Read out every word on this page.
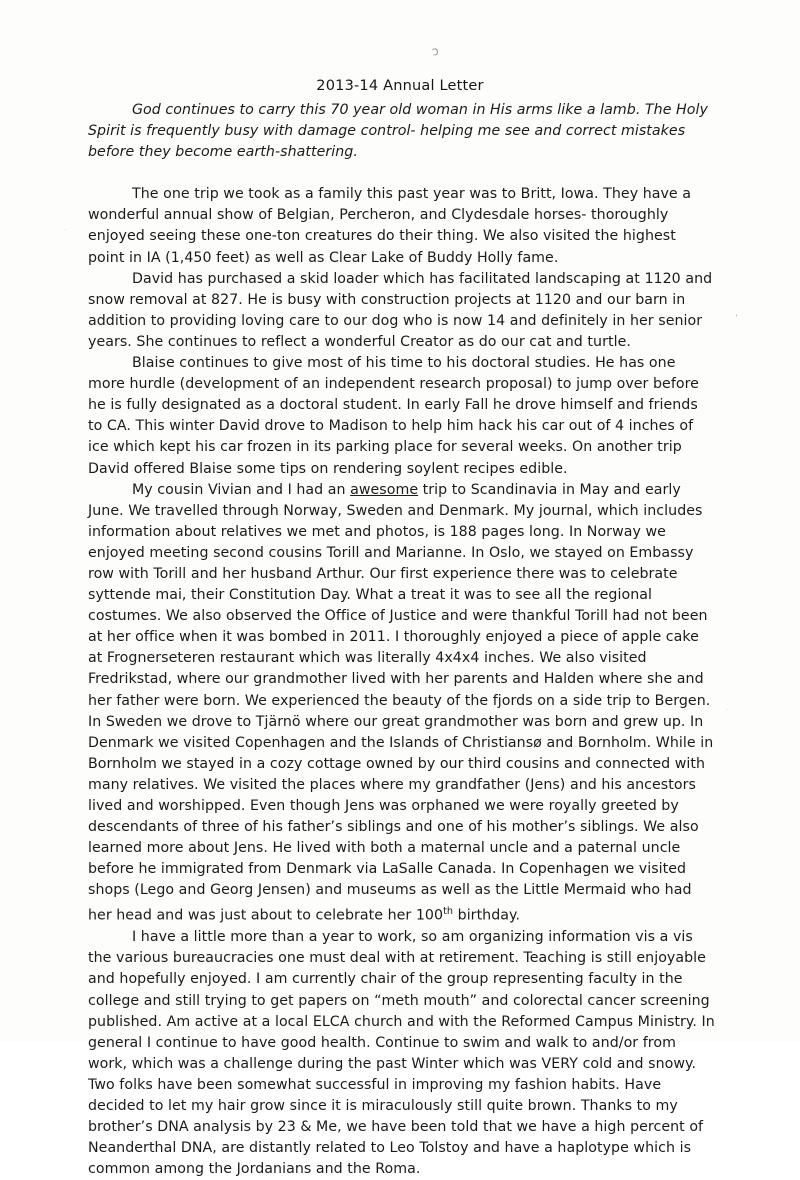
ɔ
’
·
·
2013-14 Annual Letter

God continues to carry this 70 year old woman in His arms like a lamb. The Holy Spirit is frequently busy with damage control- helping me see and correct mistakes before they become earth-shattering.

The one trip we took as a family this past year was to Britt, Iowa. They have a wonderful annual show of Belgian, Percheron, and Clydesdale horses- thoroughly enjoyed seeing these one-ton creatures do their thing. We also visited the highest point in IA (1,450 feet) as well as Clear Lake of Buddy Holly fame.

David has purchased a skid loader which has facilitated landscaping at 1120 and snow removal at 827. He is busy with construction projects at 1120 and our barn in addition to providing loving care to our dog who is now 14 and definitely in her senior years. She continues to reflect a wonderful Creator as do our cat and turtle.

Blaise continues to give most of his time to his doctoral studies. He has one more hurdle (development of an independent research proposal) to jump over before he is fully designated as a doctoral student. In early Fall he drove himself and friends to CA. This winter David drove to Madison to help him hack his car out of 4 inches of ice which kept his car frozen in its parking place for several weeks. On another trip David offered Blaise some tips on rendering soylent recipes edible.

My cousin Vivian and I had an awesome trip to Scandinavia in May and early June. We travelled through Norway, Sweden and Denmark. My journal, which includes information about relatives we met and photos, is 188 pages long. In Norway we enjoyed meeting second cousins Torill and Marianne. In Oslo, we stayed on Embassy row with Torill and her husband Arthur. Our first experience there was to celebrate syttende mai, their Constitution Day. What a treat it was to see all the regional costumes. We also observed the Office of Justice and were thankful Torill had not been at her office when it was bombed in 2011. I thoroughly enjoyed a piece of apple cake at Frognerseteren restaurant which was literally 4x4x4 inches. We also visited Fredrikstad, where our grandmother lived with her parents and Halden where she and her father were born. We experienced the beauty of the fjords on a side trip to Bergen. In Sweden we drove to Tjärnö where our great grandmother was born and grew up. In Denmark we visited Copenhagen and the Islands of Christiansø and Bornholm. While in Bornholm we stayed in a cozy cottage owned by our third cousins and connected with many relatives. We visited the places where my grandfather (Jens) and his ancestors lived and worshipped. Even though Jens was orphaned we were royally greeted by descendants of three of his father’s siblings and one of his mother’s siblings. We also learned more about Jens. He lived with both a maternal uncle and a paternal uncle before he immigrated from Denmark via LaSalle Canada. In Copenhagen we visited shops (Lego and Georg Jensen) and museums as well as the Little Mermaid who had her head and was just about to celebrate her 100th birthday.

I have a little more than a year to work, so am organizing information vis a vis the various bureaucracies one must deal with at retirement. Teaching is still enjoyable and hopefully enjoyed. I am currently chair of the group representing faculty in the college and still trying to get papers on “meth mouth” and colorectal cancer screening published. Am active at a local ELCA church and with the Reformed Campus Ministry. In general I continue to have good health. Continue to swim and walk to and/or from work, which was a challenge during the past Winter which was VERY cold and snowy. Two folks have been somewhat successful in improving my fashion habits. Have decided to let my hair grow since it is miraculously still quite brown. Thanks to my brother’s DNA analysis by 23 & Me, we have been told that we have a high percent of Neanderthal DNA, are distantly related to Leo Tolstoy and have a haplotype which is common among the Jordanians and the Roma.
